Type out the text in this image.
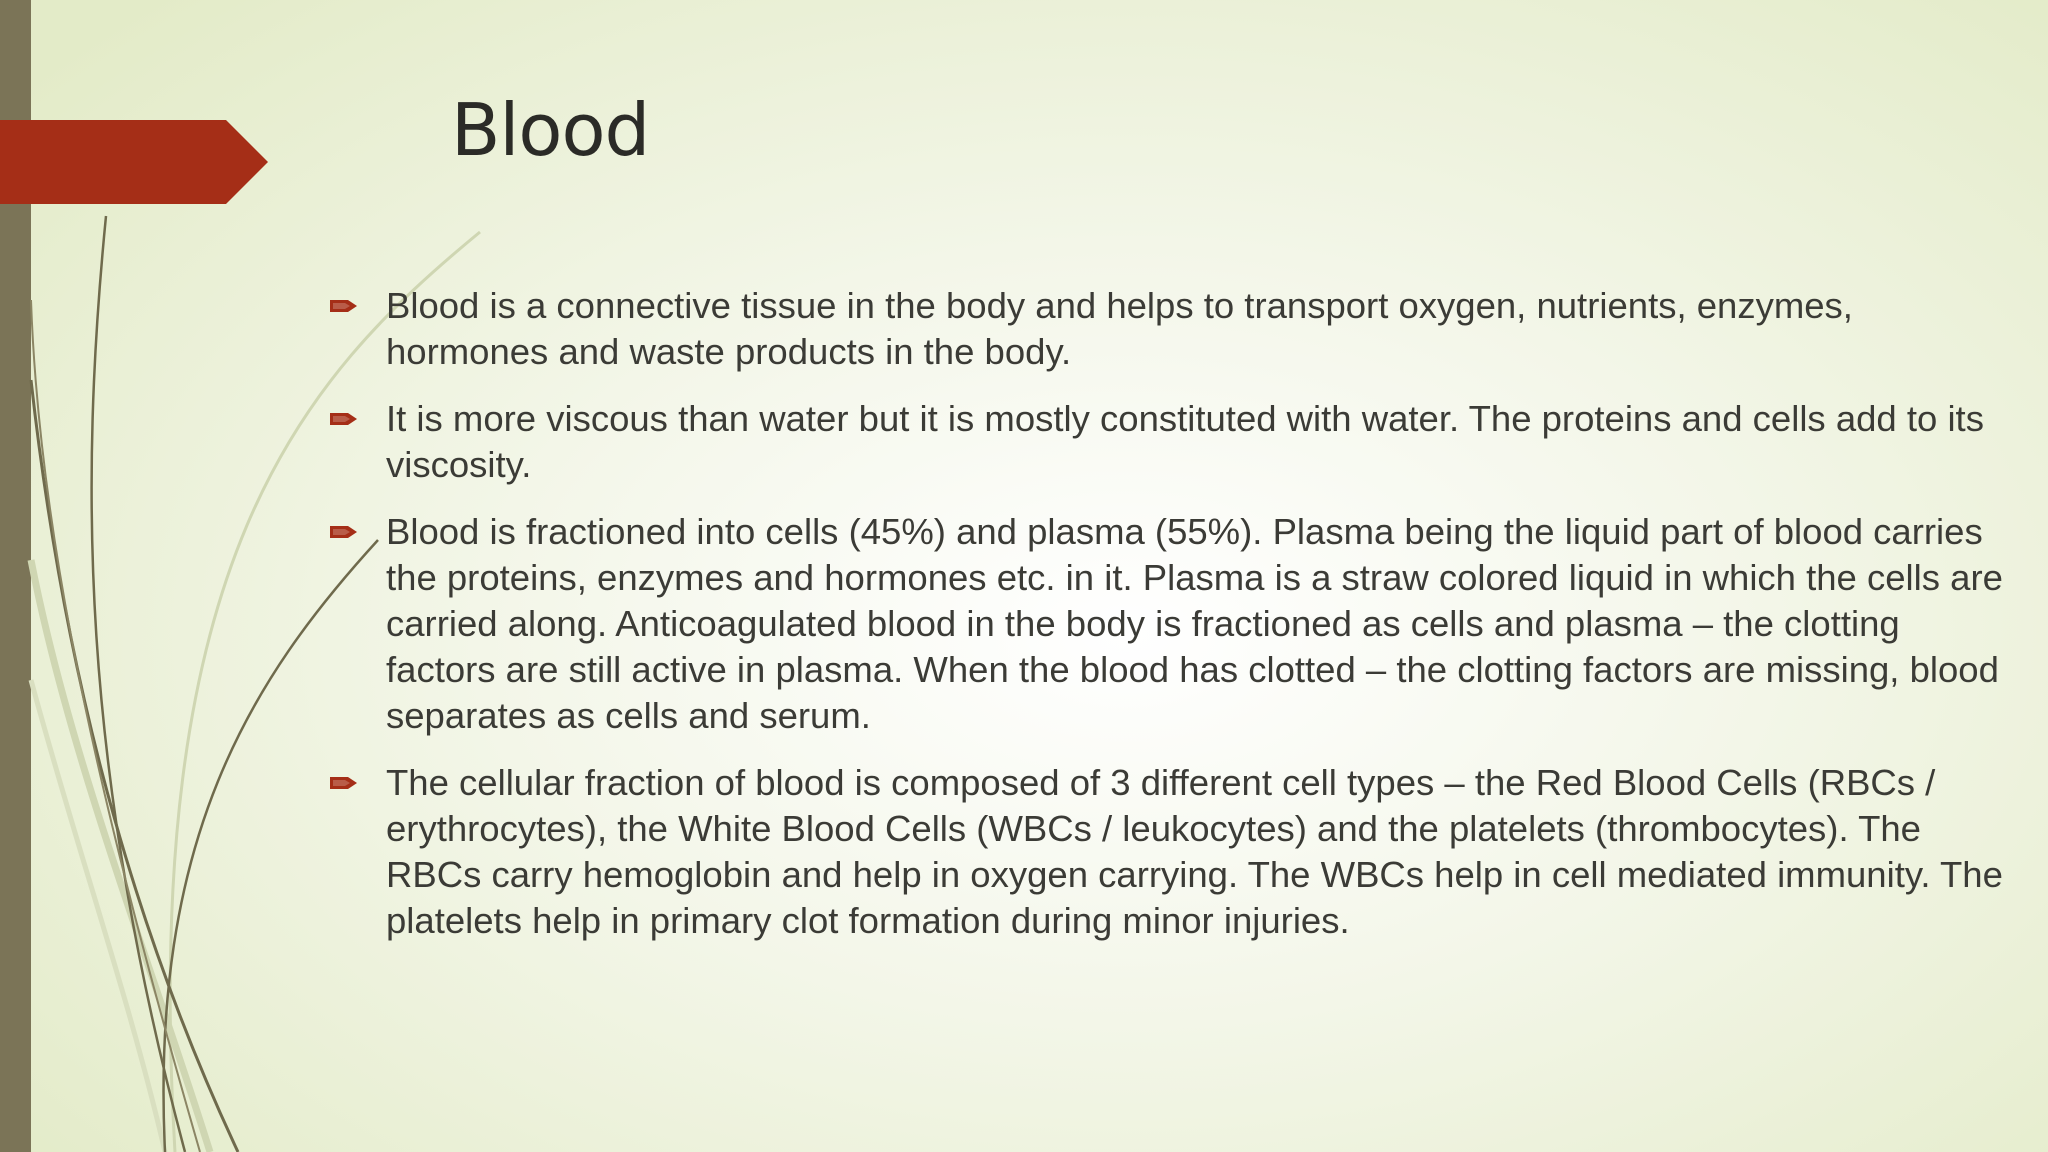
Blood
Blood is a connective tissue in the body and helps to transport oxygen, nutrients, enzymes, hormones and waste products in the body.
It is more viscous than water but it is mostly constituted with water. The proteins and cells add to its viscosity.
Blood is fractioned into cells (45%) and plasma (55%). Plasma being the liquid part of blood carries the proteins, enzymes and hormones etc. in it. Plasma is a straw colored liquid in which the cells are carried along. Anticoagulated blood in the body is fractioned as cells and plasma – the clotting factors are still active in plasma. When the blood has clotted – the clotting factors are missing, blood separates as cells and serum.
The cellular fraction of blood is composed of 3 different cell types – the Red Blood Cells (RBCs / erythrocytes), the White Blood Cells (WBCs / leukocytes) and the platelets (thrombocytes). The RBCs carry hemoglobin and help in oxygen carrying. The WBCs help in cell mediated immunity. The platelets help in primary clot formation during minor injuries.
